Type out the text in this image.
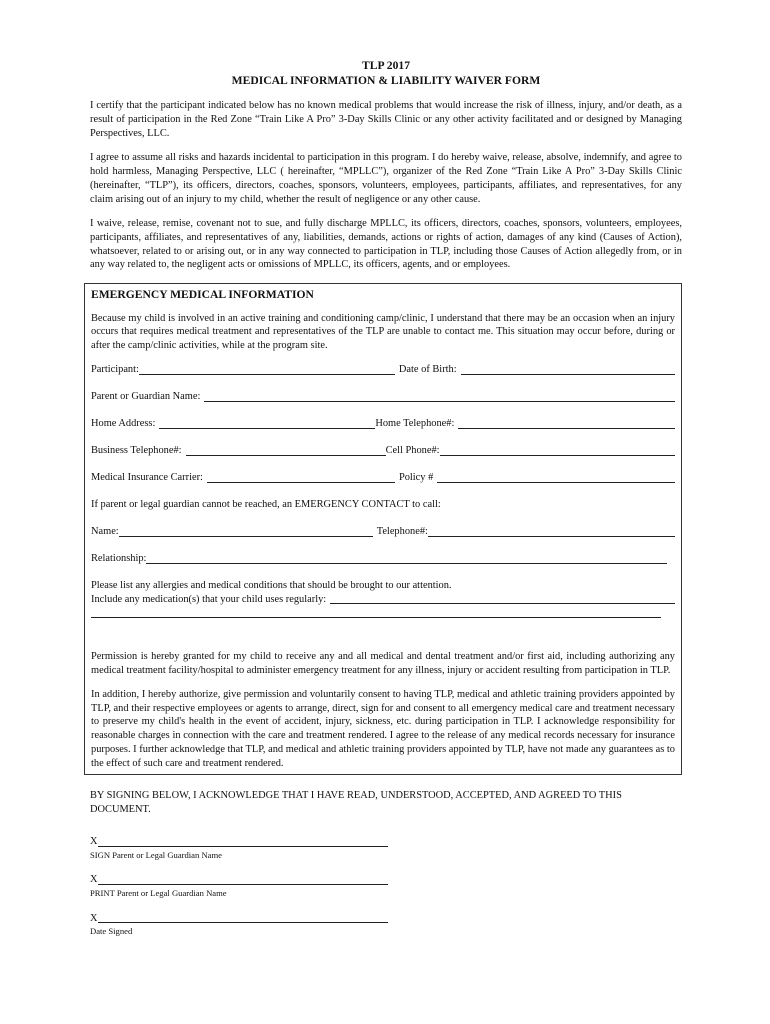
TLP 2017
MEDICAL INFORMATION & LIABILITY WAIVER FORM

I certify that the participant indicated below has no known medical problems that would increase the risk of illness, injury, and/or death, as a result of participation in the Red Zone “Train Like A Pro” 3-Day Skills Clinic or any other activity facilitated and or designed by Managing Perspectives, LLC.

I agree to assume all risks and hazards incidental to participation in this program. I do hereby waive, release, absolve, indemnify, and agree to hold harmless, Managing Perspective, LLC ( hereinafter, “MPLLC”), organizer of the Red Zone “Train Like A Pro” 3-Day Skills Clinic (hereinafter, “TLP”), its officers, directors, coaches, sponsors, volunteers, employees, participants, affiliates, and representatives, for any claim arising out of an injury to my child, whether the result of negligence or any other cause.

I waive, release, remise, covenant not to sue, and fully discharge MPLLC, its officers, directors, coaches, sponsors, volunteers, employees, participants, affiliates, and representatives of any, liabilities, demands, actions or rights of action, damages of any kind (Causes of Action), whatsoever, related to or arising out, or in any way connected to participation in TLP, including those Causes of Action allegedly from, or in any way related to, the negligent acts or omissions of MPLLC, its officers, agents, and or employees.

EMERGENCY MEDICAL INFORMATION

Because my child is involved in an active training and conditioning camp/clinic, I understand that there may be an occasion when an injury occurs that requires medical treatment and representatives of the TLP are unable to contact me. This situation may occur before, during or after the camp/clinic activities, while at the program site.

Participant:	Date of Birth:
Parent or Guardian Name:
Home Address:	Home Telephone#:
Business Telephone#:	Cell Phone#:
Medical Insurance Carrier:	Policy #
If parent or legal guardian cannot be reached, an EMERGENCY CONTACT to call:
Name:	Telephone#:
Relationship:
Please list any allergies and medical conditions that should be brought to our attention.
Include any medication(s) that your child uses regularly:

Permission is hereby granted for my child to receive any and all medical and dental treatment and/or first aid, including authorizing any medical treatment facility/hospital to administer emergency treatment for any illness, injury or accident resulting from participation in TLP.

In addition, I hereby authorize, give permission and voluntarily consent to having TLP, medical and athletic training providers appointed by TLP, and their respective employees or agents to arrange, direct, sign for and consent to all emergency medical care and treatment necessary to preserve my child's health in the event of accident, injury, sickness, etc. during participation in TLP. I acknowledge responsibility for reasonable charges in connection with the care and treatment rendered. I agree to the release of any medical records necessary for insurance purposes. I further acknowledge that TLP, and medical and athletic training providers appointed by TLP, have not made any guarantees as to the effect of such care and treatment rendered.

BY SIGNING BELOW, I ACKNOWLEDGE THAT I HAVE READ, UNDERSTOOD, ACCEPTED, AND AGREED TO THIS DOCUMENT.

X
SIGN Parent or Legal Guardian Name
X
PRINT Parent or Legal Guardian Name
X
Date Signed
